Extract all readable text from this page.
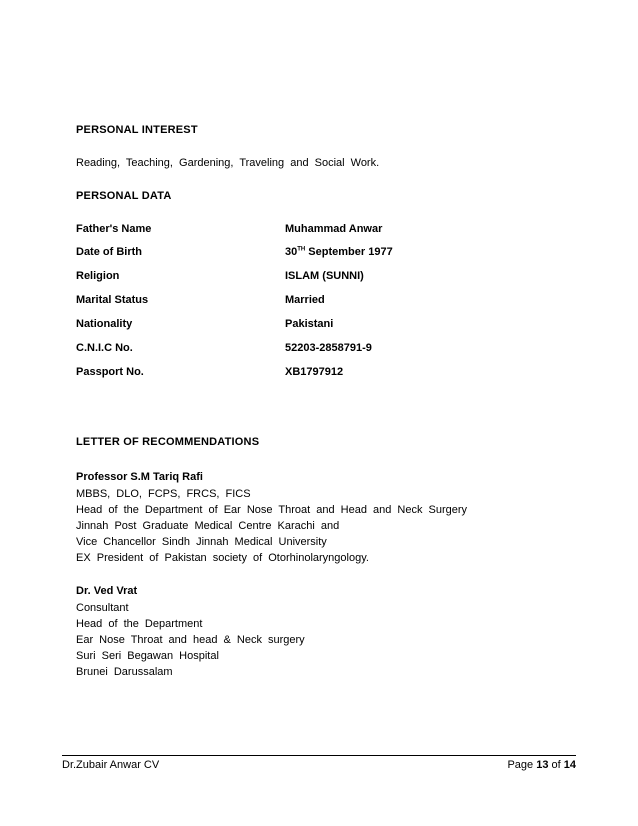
PERSONAL INTEREST
Reading, Teaching, Gardening, Traveling and Social Work.
PERSONAL DATA
Father's Name	Muhammad Anwar
Date of Birth	30TH September 1977
Religion	ISLAM (SUNNI)
Marital Status	Married
Nationality	Pakistani
C.N.I.C No.	52203-2858791-9
Passport No.	XB1797912
LETTER OF RECOMMENDATIONS
Professor S.M Tariq Rafi
MBBS, DLO, FCPS, FRCS, FICS
Head of the Department of Ear Nose Throat and Head and Neck Surgery
Jinnah Post Graduate Medical Centre Karachi and
Vice Chancellor Sindh Jinnah Medical University
EX President of Pakistan society of Otorhinolaryngology.
Dr. Ved Vrat
Consultant
Head of the Department
Ear Nose Throat and head & Neck surgery
Suri Seri Begawan Hospital
Brunei Darussalam
Dr.Zubair Anwar CV	Page 13 of 14
